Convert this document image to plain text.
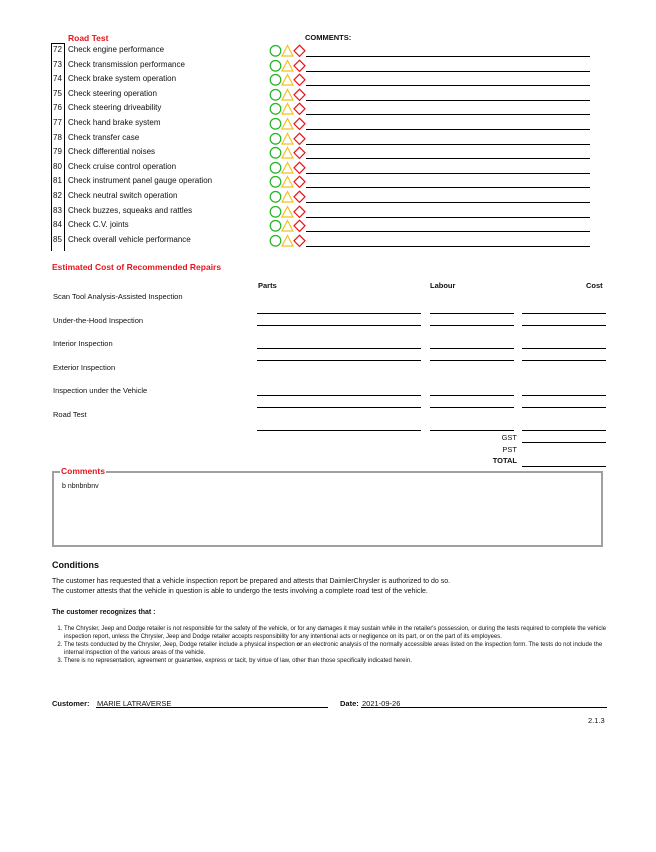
Road Test	COMMENTS:
72 Check engine performance
73 Check transmission performance
74 Check brake system operation
75 Check steering operation
76 Check steering driveability
77 Check hand brake system
78 Check transfer case
79 Check differential noises
80 Check cruise control operation
81 Check instrument panel gauge operation
82 Check neutral switch operation
83 Check buzzes, squeaks and rattles
84 Check C.V. joints
85 Check overall vehicle performance
Estimated Cost of Recommended Repairs
Parts	Labour	Cost
Scan Tool Analysis-Assisted Inspection
Under-the-Hood Inspection
Interior Inspection
Exterior Inspection
Inspection under the Vehicle
Road Test
GST
PST
TOTAL
Comments
b nbnbnbnv
Conditions
The customer has requested that a vehicle inspection report be prepared and attests that DaimlerChrysler is authorized to do so.
The customer attests that the vehicle in question is able to undergo the tests involving a complete road test of the vehicle.
The customer recognizes that :
1. The Chrysler, Jeep and Dodge retailer is not responsible for the safety of the vehicle, or for any damages it may sustain while in the retailer's possession, or during the tests required to complete the vehicle inspection report, unless the Chrysler, Jeep and Dodge retailer accepts responsibility for any intentional acts or negligence on its part, or on the part of its employees.
2. The tests conducted by the Chrysler, Jeep, Dodge retailer include a physical inspection or an electronic analysis of the normally accessible areas listed on the inspection form. The tests do not include the internal inspection of the various areas of the vehicle.
3. There is no representation, agreement or guarantee, express or tacit, by virtue of law, other than those specifically indicated herein.
Customer: MARIE LATRAVERSE	Date: 2021-09-26
2.1.3
